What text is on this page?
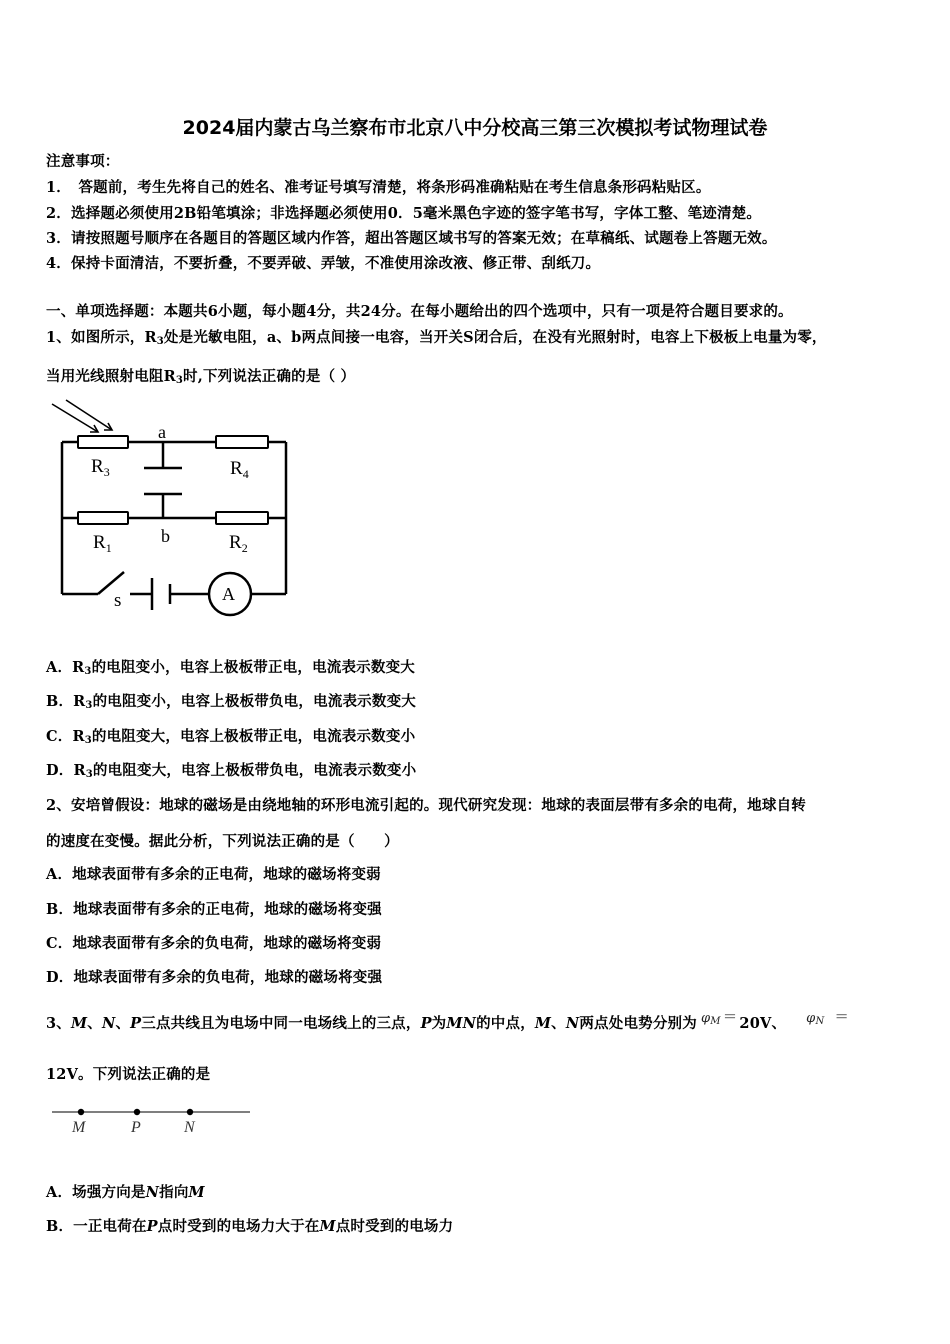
2024届内蒙古乌兰察布市北京八中分校高三第三次模拟考试物理试卷
注意事项：
1．　答题前，考生先将自己的姓名、准考证号填写清楚，将条形码准确粘贴在考生信息条形码粘贴区。
2．选择题必须使用2B铅笔填涂；非选择题必须使用0．5毫米黑色字迹的签字笔书写，字体工整、笔迹清楚。
3．请按照题号顺序在各题目的答题区域内作答，超出答题区域书写的答案无效；在草稿纸、试题卷上答题无效。
4．保持卡面清洁，不要折叠，不要弄破、弄皱，不准使用涂改液、修正带、刮纸刀。
一、单项选择题：本题共6小题，每小题4分，共24分。在每小题给出的四个选项中，只有一项是符合题目要求的。
1、如图所示，$R_3$处是光敏电阻，a、b两点间接一电容，当开关S闭合后，在没有光照射时，电容上下极板上电量为零，
当用光线照射电阻$R_3$时,下列说法正确的是（ ）
a
b
$R_3$	$R_4$
$R_1$	$R_2$
s	A
A．$R_3$的电阻变小，电容上极板带正电，电流表示数变大
B．$R_3$的电阻变小，电容上极板带负电，电流表示数变大
C．$R_3$的电阻变大，电容上极板带正电，电流表示数变小
D．$R_3$的电阻变大，电容上极板带负电，电流表示数变小
2、安培曾假设：地球的磁场是由绕地轴的环形电流引起的。现代研究发现：地球的表面层带有多余的电荷，地球自转
的速度在变慢。据此分析，下列说法正确的是（　　）
A．地球表面带有多余的正电荷，地球的磁场将变弱
B．地球表面带有多余的正电荷，地球的磁场将变强
C．地球表面带有多余的负电荷，地球的磁场将变弱
D．地球表面带有多余的负电荷，地球的磁场将变强
3、M、N、P三点共线且为电场中同一电场线上的三点，P为MN的中点，M、N两点处电势分别为 $\varphi_M = 20V$、 $\varphi_N$ ＝
12V。下列说法正确的是
M	P	N
A．场强方向是N指向M
B．一正电荷在P点时受到的电场力大于在M点时受到的电场力
